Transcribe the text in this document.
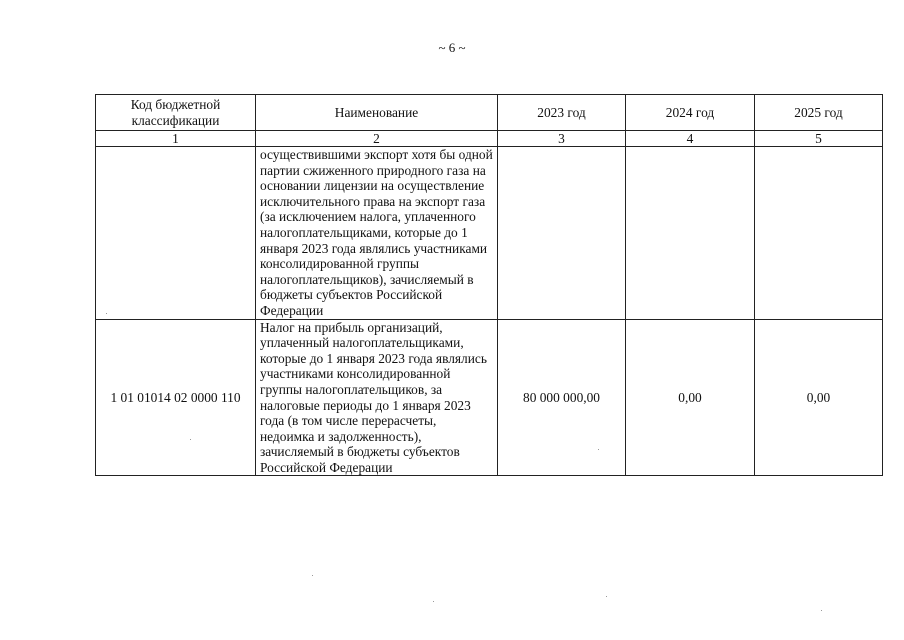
~ 6 ~
Код бюджетной классификации	Наименование	2023 год	2024 год	2025 год
1	2	3	4	5
	осуществившими экспорт хотя бы одной партии сжиженного природного газа на основании лицензии на осуществление исключительного права на экспорт газа (за исключением налога, уплаченного налогоплательщиками, которые до 1 января 2023 года являлись участниками консолидированной группы налогоплательщиков), зачисляемый в бюджеты субъектов Российской Федерации			
1 01 01014 02 0000 110	Налог на прибыль организаций, уплаченный налогоплательщиками, которые до 1 января 2023 года являлись участниками консолидированной группы налогоплательщиков, за налоговые периоды до 1 января 2023 года (в том числе перерасчеты, недоимка и задолженность), зачисляемый в бюджеты субъектов Российской Федерации	80 000 000,00	0,00	0,00
